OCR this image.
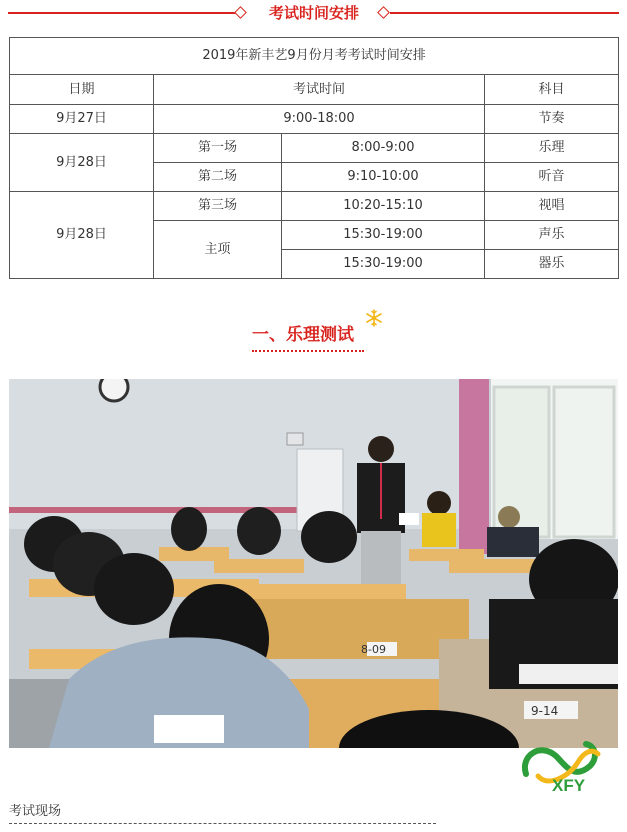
考试时间安排
2019年新丰艺9月份月考考试时间安排			
日期	考试时间		科目
9月27日	9:00-18:00		节奏
9月28日	第一场	8:00-9:00	乐理
	第二场	9:10-10:00	听音
9月28日	第三场	10:20-15:10	视唱
	主项	15:30-19:00	声乐
		15:30-19:00	器乐
一、乐理测试
8-09
9-14
XFY
考试现场
